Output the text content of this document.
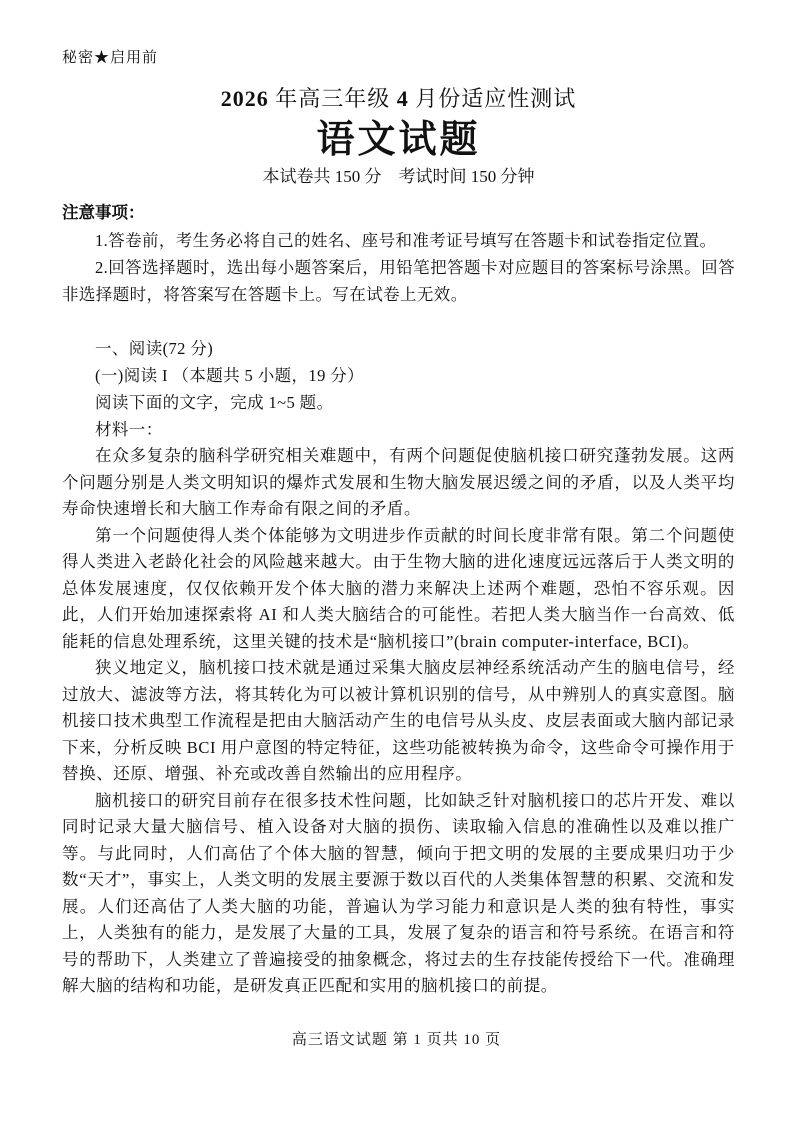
秘密★启用前
2026 年高三年级 4 月份适应性测试
语文试题
本试卷共 150 分　考试时间 150 分钟
注意事项：

1.答卷前，考生务必将自己的姓名、座号和准考证号填写在答题卡和试卷指定位置。

2.回答选择题时，选出每小题答案后，用铅笔把答题卡对应题目的答案标号涂黑。回答非选择题时，将答案写在答题卡上。写在试卷上无效。

一、阅读(72 分)

(一)阅读 I （本题共 5 小题，19 分）

阅读下面的文字，完成 1~5 题。

材料一：

在众多复杂的脑科学研究相关难题中，有两个问题促使脑机接口研究蓬勃发展。这两个问题分别是人类文明知识的爆炸式发展和生物大脑发展迟缓之间的矛盾，以及人类平均寿命快速增长和大脑工作寿命有限之间的矛盾。

第一个问题使得人类个体能够为文明进步作贡献的时间长度非常有限。第二个问题使得人类进入老龄化社会的风险越来越大。由于生物大脑的进化速度远远落后于人类文明的总体发展速度，仅仅依赖开发个体大脑的潜力来解决上述两个难题，恐怕不容乐观。因此，人们开始加速探索将 AI 和人类大脑结合的可能性。若把人类大脑当作一台高效、低能耗的信息处理系统，这里关键的技术是“脑机接口”(brain computer-interface, BCI)。

狭义地定义，脑机接口技术就是通过采集大脑皮层神经系统活动产生的脑电信号，经过放大、滤波等方法，将其转化为可以被计算机识别的信号，从中辨别人的真实意图。脑机接口技术典型工作流程是把由大脑活动产生的电信号从头皮、皮层表面或大脑内部记录下来，分析反映 BCI 用户意图的特定特征，这些功能被转换为命令，这些命令可操作用于替换、还原、增强、补充或改善自然输出的应用程序。

脑机接口的研究目前存在很多技术性问题，比如缺乏针对脑机接口的芯片开发、难以同时记录大量大脑信号、植入设备对大脑的损伤、读取输入信息的准确性以及难以推广等。与此同时，人们高估了个体大脑的智慧，倾向于把文明的发展的主要成果归功于少数“天才”，事实上，人类文明的发展主要源于数以百代的人类集体智慧的积累、交流和发展。人们还高估了人类大脑的功能，普遍认为学习能力和意识是人类的独有特性，事实上，人类独有的能力，是发展了大量的工具，发展了复杂的语言和符号系统。在语言和符号的帮助下，人类建立了普遍接受的抽象概念，将过去的生存技能传授给下一代。准确理解大脑的结构和功能，是研发真正匹配和实用的脑机接口的前提。

高三语文试题 第 1 页共 10 页
